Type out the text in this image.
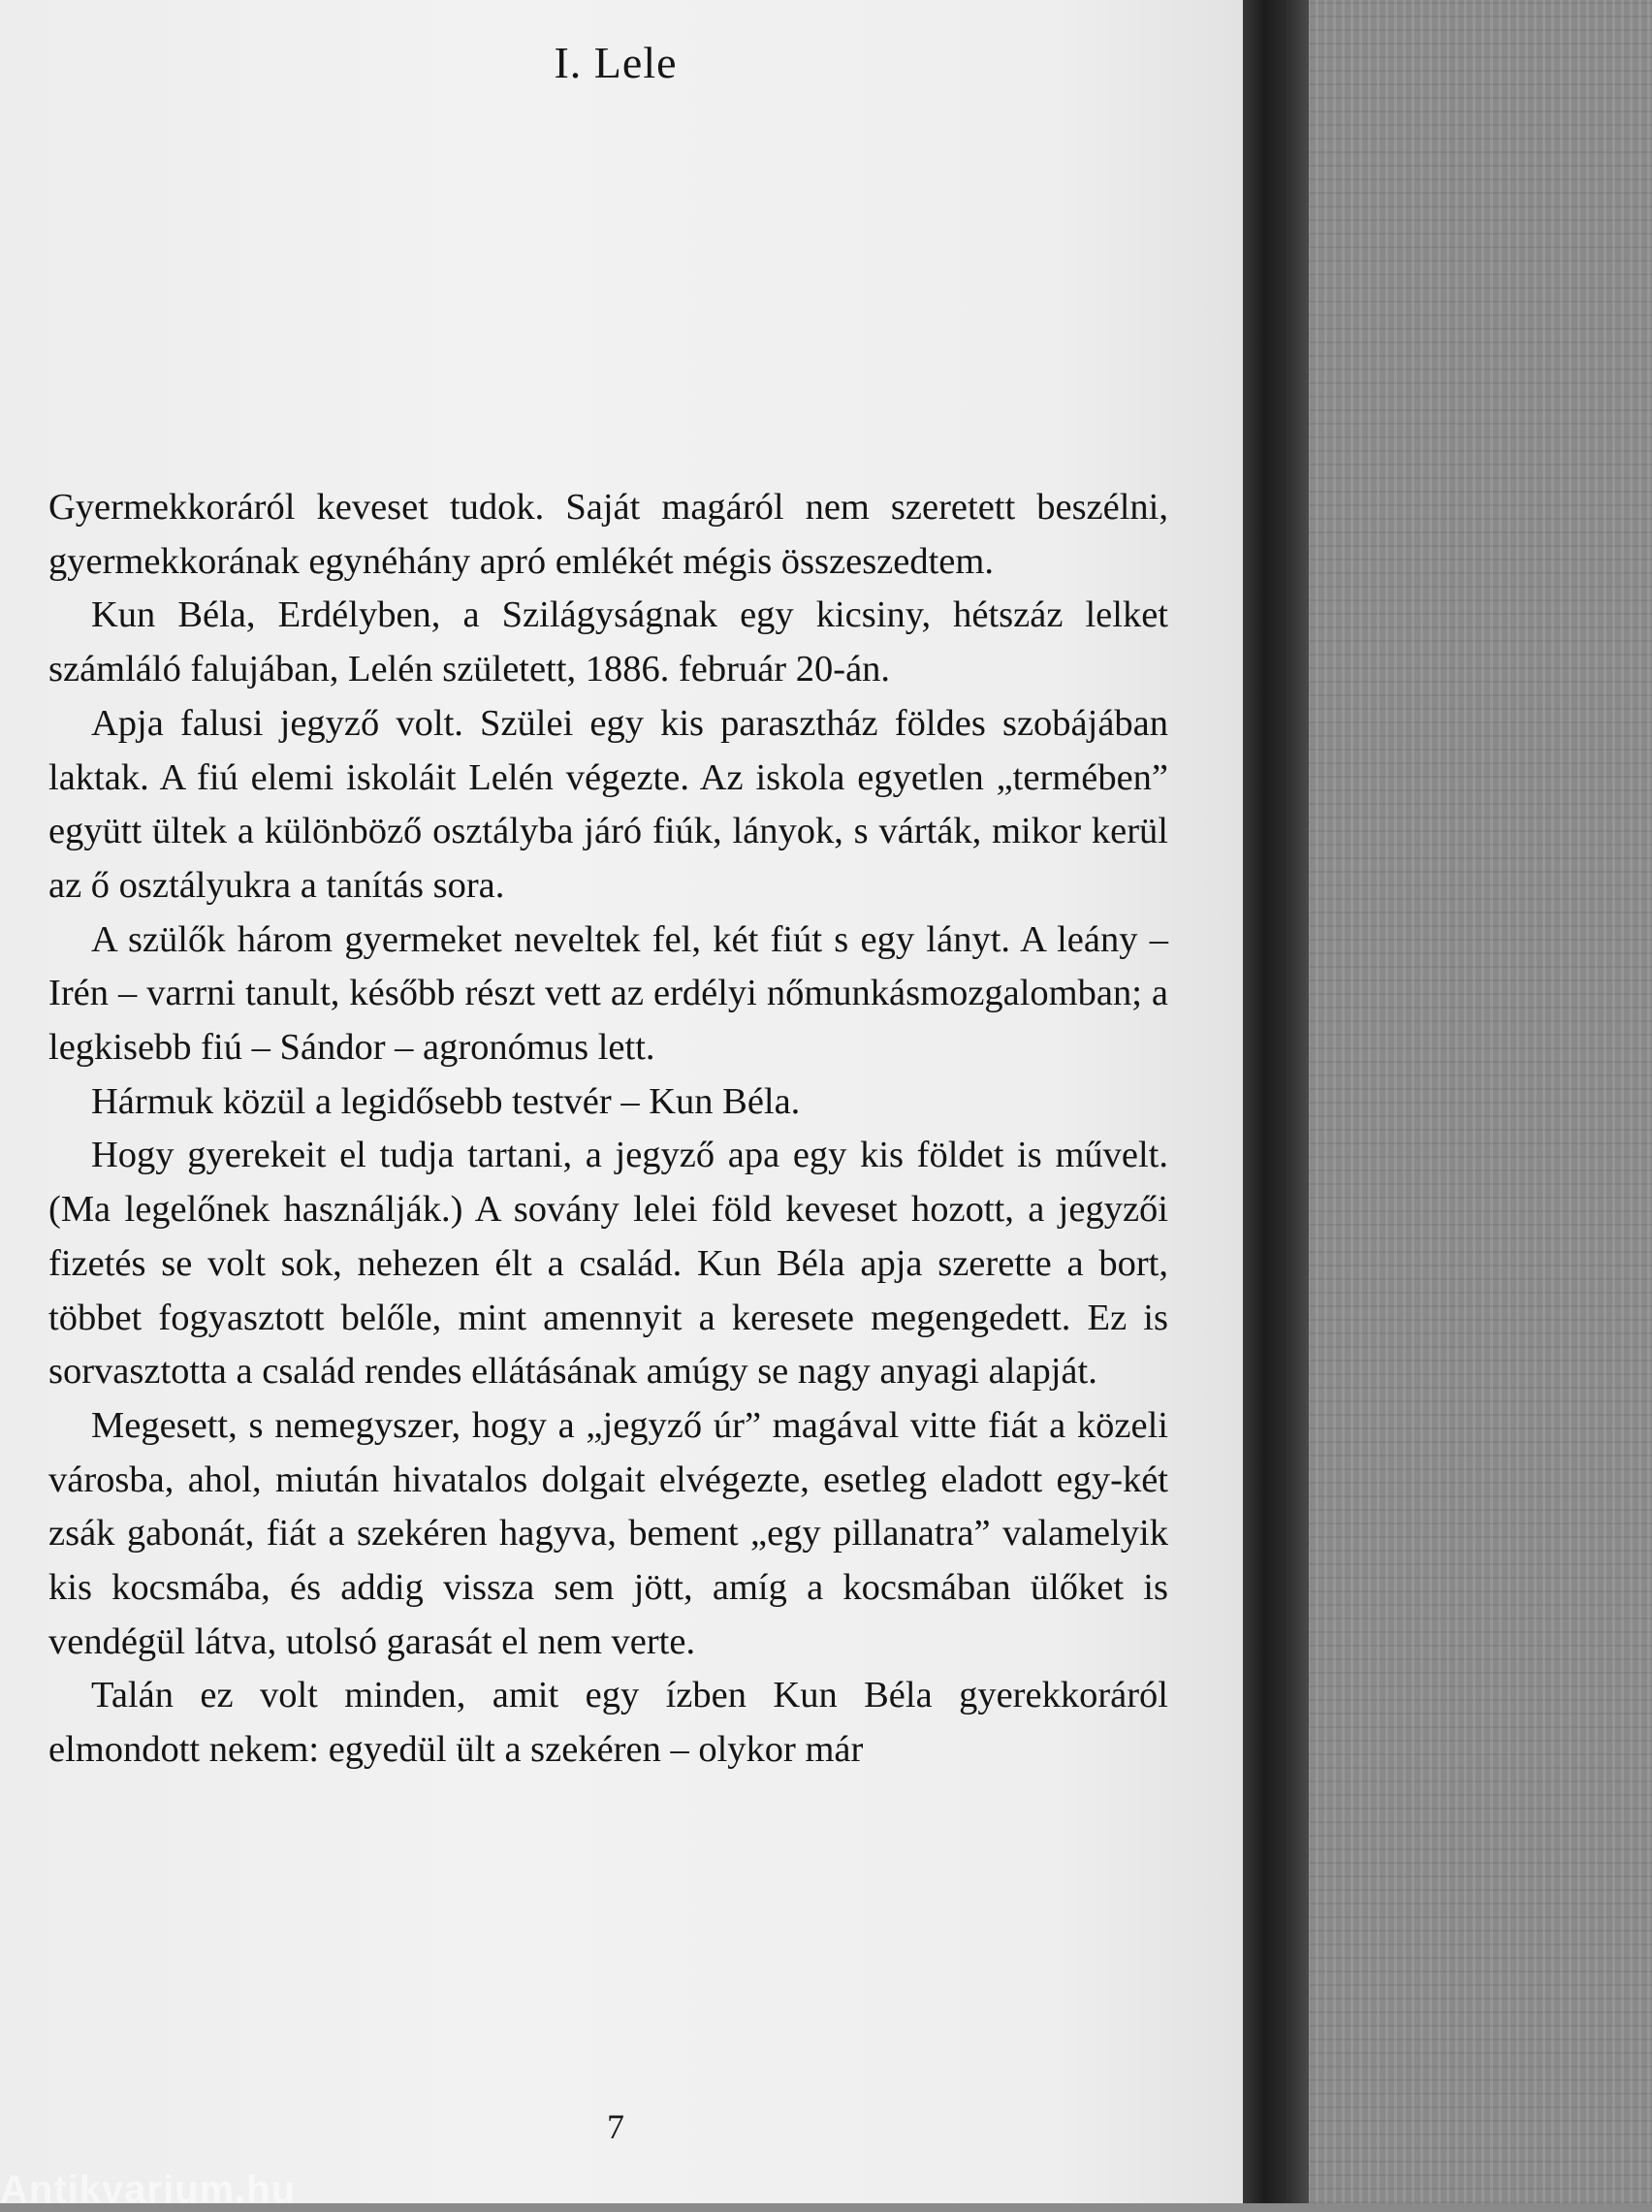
I. Lele

Gyermekkoráról keveset tudok. Saját magáról nem szeretett beszélni, gyermekkorának egynéhány apró emlékét mégis összeszedtem.

Kun Béla, Erdélyben, a Szilágyságnak egy kicsiny, hétszáz lelket számláló falujában, Lelén született, 1886. február 20-án.

Apja falusi jegyző volt. Szülei egy kis parasztház földes szobájában laktak. A fiú elemi iskoláit Lelén végezte. Az iskola egyetlen „termében” együtt ültek a különböző osztályba járó fiúk, lányok, s várták, mikor kerül az ő osztályukra a tanítás sora.

A szülők három gyermeket neveltek fel, két fiút s egy lányt. A leány – Irén – varrni tanult, később részt vett az erdélyi nőmunkásmozgalomban; a legkisebb fiú – Sándor – agronómus lett.

Hármuk közül a legidősebb testvér – Kun Béla.

Hogy gyerekeit el tudja tartani, a jegyző apa egy kis földet is művelt. (Ma legelőnek használják.) A sovány lelei föld keveset hozott, a jegyzői fizetés se volt sok, nehezen élt a család. Kun Béla apja szerette a bort, többet fogyasztott belőle, mint amennyit a keresete megengedett. Ez is sorvasztotta a család rendes ellátásának amúgy se nagy anyagi alapját.

Megesett, s nemegyszer, hogy a „jegyző úr” magával vitte fiát a közeli városba, ahol, miután hivatalos dolgait elvégezte, esetleg eladott egy-két zsák gabonát, fiát a szekéren hagyva, bement „egy pillanatra” valamelyik kis kocsmába, és addig vissza sem jött, amíg a kocsmában ülőket is vendégül látva, utolsó garasát el nem verte.

Talán ez volt minden, amit egy ízben Kun Béla gyerekkoráról elmondott nekem: egyedül ült a szekéren – olykor már

7
Antikvarium.hu
